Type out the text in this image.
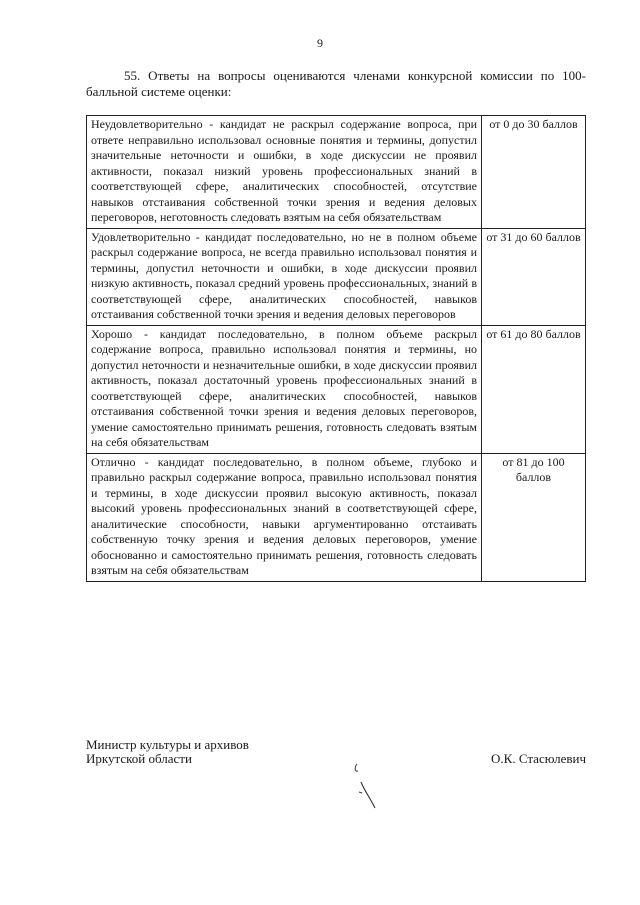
9
55. Ответы на вопросы оцениваются членами конкурсной комиссии по 100-балльной системе оценки:
Неудовлетворительно - кандидат не раскрыл содержание вопроса, при ответе неправильно использовал основные понятия и термины, допустил значительные неточности и ошибки, в ходе дискуссии не проявил активности, показал низкий уровень профессиональных знаний в соответствующей сфере, аналитических способностей, отсутствие навыков отстаивания собственной точки зрения и ведения деловых переговоров, неготовность следовать взятым на себя обязательствам	от 0 до 30 баллов
Удовлетворительно - кандидат последовательно, но не в полном объеме раскрыл содержание вопроса, не всегда правильно использовал понятия и термины, допустил неточности и ошибки, в ходе дискуссии проявил низкую активность, показал средний уровень профессиональных, знаний в соответствующей сфере, аналитических способностей, навыков отстаивания собственной точки зрения и ведения деловых переговоров	от 31 до 60 баллов
Хорошо - кандидат последовательно, в полном объеме раскрыл содержание вопроса, правильно использовал понятия и термины, но допустил неточности и незначительные ошибки, в ходе дискуссии проявил активность, показал достаточный уровень профессиональных знаний в соответствующей сфере, аналитических способностей, навыков отстаивания собственной точки зрения и ведения деловых переговоров, умение самостоятельно принимать решения, готовность следовать взятым на себя обязательствам	от 61 до 80 баллов
Отлично - кандидат последовательно, в полном объеме, глубоко и правильно раскрыл содержание вопроса, правильно использовал понятия и термины, в ходе дискуссии проявил высокую активность, показал высокий уровень профессиональных знаний в соответствующей сфере, аналитические способности, навыки аргументированно отстаивать собственную точку зрения и ведения деловых переговоров, умение обоснованно и самостоятельно принимать решения, готовность следовать взятым на себя обязательствам	от 81 до 100 баллов
Министр культуры и архивов
Иркутской области	О.К. Стасюлевич
